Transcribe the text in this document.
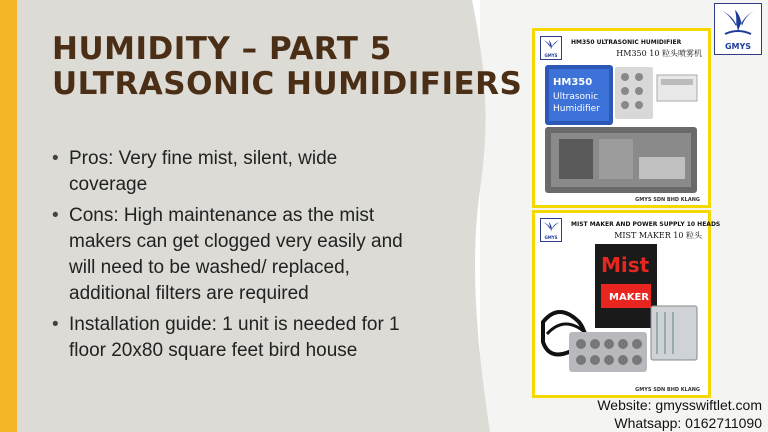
HUMIDITY – PART 5
ULTRASONIC HUMIDIFIERS
• Pros: Very fine mist, silent, wide coverage
• Cons: High maintenance as the mist makers can get clogged very easily and will need to be washed/ replaced, additional filters are required
• Installation guide: 1 unit is needed for 1 floor 20x80 square feet bird house
GMYS
GMYS
HM350 ULTRASONIC HUMIDIFIER
HM350 10 粒头喷雾机
HM350
Ultrasonic
Humidifier
GMYS SDN BHD KLANG
GMYS
MIST MAKER AND POWER SUPPLY 10 HEADS
MIST MAKER 10 粒头
Mist
MAKER
GMYS SDN BHD KLANG
Website: gmysswiftlet.com
Whatsapp: 0162711090
